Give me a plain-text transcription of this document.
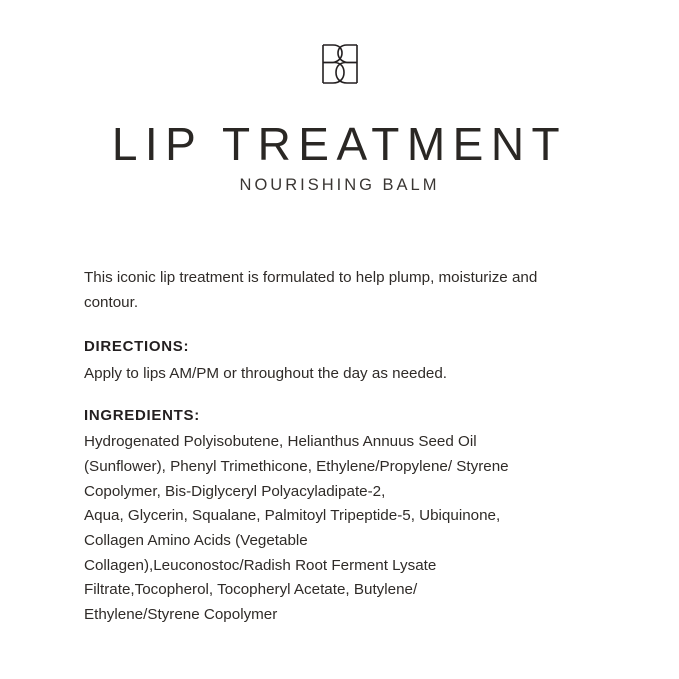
LIP TREATMENT
NOURISHING BALM

This iconic lip treatment is formulated to help plump, moisturize and contour.

DIRECTIONS:
Apply to lips AM/PM or throughout the day as needed.
INGREDIENTS:
Hydrogenated Polyisobutene, Helianthus Annuus Seed Oil
(Sunflower), Phenyl Trimethicone, Ethylene/Propylene/ Styrene
Copolymer, Bis-Diglyceryl Polyacyladipate-2,
Aqua, Glycerin, Squalane, Palmitoyl Tripeptide-5, Ubiquinone,
Collagen Amino Acids (Vegetable
Collagen),Leuconostoc/Radish Root Ferment Lysate
Filtrate,Tocopherol, Tocopheryl Acetate, Butylene/
Ethylene/Styrene Copolymer
